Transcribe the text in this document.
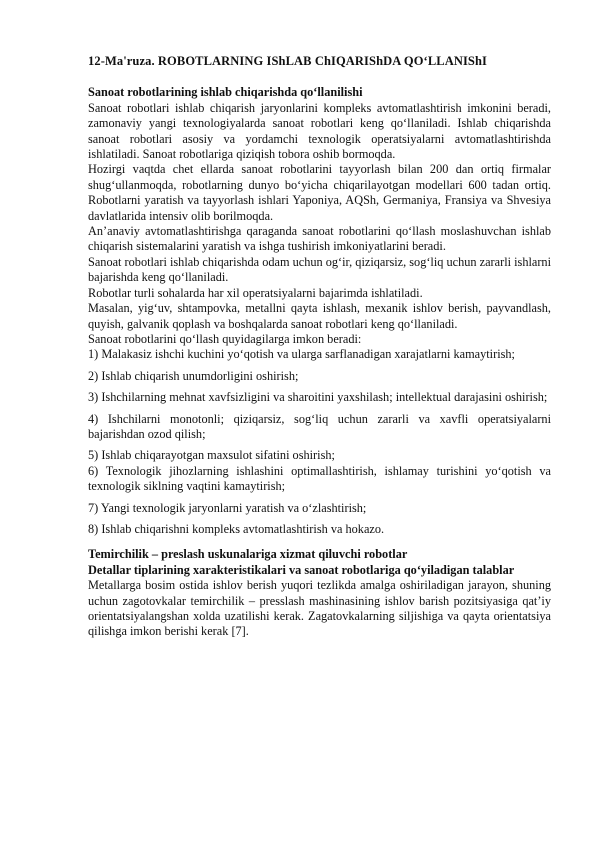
12-Ma'ruza. ROBOTLARNING IShLAB ChIQARIShDA QO‘LLANIShI
Sanoat robotlarining ishlab chiqarishda qo‘llanilishi

Sanoat robotlari ishlab chiqarish jaryonlarini kompleks avtomatlashtirish imkonini beradi, zamonaviy yangi texnologiyalarda sanoat robotlari keng qo‘llaniladi. Ishlab chiqarishda sanoat robotlari asosiy va yordamchi texnologik operatsiyalarni avtomatlashtirishda ishlatiladi. Sanoat robotlariga qiziqish tobora oshib bormoqda.

Hozirgi vaqtda chet ellarda sanoat robotlarini tayyorlash bilan 200 dan ortiq firmalar shug‘ullanmoqda, robotlarning dunyo bo‘yicha chiqarilayotgan modellari 600 tadan ortiq. Robotlarni yaratish va tayyorlash ishlari Yaponiya, AQSh, Germaniya, Fransiya va Shvesiya davlatlarida intensiv olib borilmoqda.

An’anaviy avtomatlashtirishga qaraganda sanoat robotlarini qo‘llash moslashuvchan ishlab chiqarish sistemalarini yaratish va ishga tushirish imkoniyatlarini beradi.

Sanoat robotlari ishlab chiqarishda odam uchun og‘ir, qiziqarsiz, sog‘liq uchun zararli ishlarni bajarishda keng qo‘llaniladi.

Robotlar turli sohalarda har xil operatsiyalarni bajarimda ishlatiladi.

Masalan, yig‘uv, shtampovka, metallni qayta ishlash, mexanik ishlov berish, payvandlash, quyish, galvanik qoplash va boshqalarda sanoat robotlari keng qo‘llaniladi.

Sanoat robotlarini qo‘llash quyidagilarga imkon beradi:

1) Malakasiz ishchi kuchini yo‘qotish va ularga sarflanadigan xarajatlarni kamaytirish;

2) Ishlab chiqarish unumdorligini oshirish;

3) Ishchilarning mehnat xavfsizligini va sharoitini yaxshilash; intellektual darajasini oshirish;

4) Ishchilarni monotonli; qiziqarsiz, sog‘liq uchun zararli va xavfli operatsiyalarni bajarishdan ozod qilish;

5) Ishlab chiqarayotgan maxsulot sifatini oshirish;

6) Texnologik jihozlarning ishlashini optimallashtirish, ishlamay turishini yo‘qotish va texnologik siklning vaqtini kamaytirish;

7) Yangi texnologik jaryonlarni yaratish va o‘zlashtirish;

8) Ishlab chiqarishni kompleks avtomatlashtirish va hokazo.

Temirchilik – preslash uskunalariga xizmat qiluvchi robotlar

Detallar tiplarining xarakteristikalari va sanoat robotlariga qo‘yiladigan talablar

Metallarga bosim ostida ishlov berish yuqori tezlikda amalga oshiriladigan jarayon, shuning uchun zagotovkalar temirchilik – presslash mashinasining ishlov barish pozitsiyasiga qat’iy orientatsiyalangshan xolda uzatilishi kerak. Zagatovkalarning siljishiga va qayta orientatsiya qilishga imkon berishi kerak [7].
